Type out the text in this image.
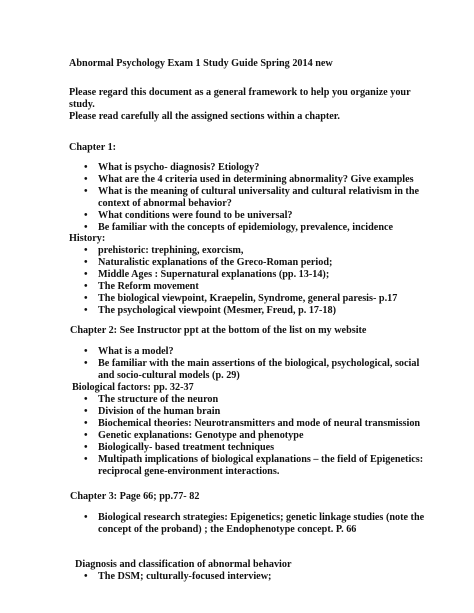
Abnormal Psychology Exam 1 Study Guide Spring 2014 new
Please regard this document as a general framework to help you organize your
study.
Please read carefully all the assigned sections within a chapter.
Chapter 1:
• What is psycho- diagnosis? Etiology?
• What are the 4 criteria used in determining abnormality? Give examples
• What is the meaning of cultural universality and cultural relativism in the
context of abnormal behavior?
• What conditions were found to be universal?
• Be familiar with the concepts of epidemiology, prevalence, incidence
History:
• prehistoric: trephining, exorcism,
• Naturalistic explanations of the Greco-Roman period;
• Middle Ages : Supernatural explanations (pp. 13-14);
• The Reform movement
• The biological viewpoint, Kraepelin, Syndrome, general paresis- p.17
• The psychological viewpoint (Mesmer, Freud, p. 17-18)
Chapter 2: See Instructor ppt at the bottom of the list on my website
• What is a model?
• Be familiar with the main assertions of the biological, psychological, social
and socio-cultural models (p. 29)
Biological factors: pp. 32-37
• The structure of the neuron
• Division of the human brain
• Biochemical theories: Neurotransmitters and mode of neural transmission
• Genetic explanations: Genotype and phenotype
• Biologically- based treatment techniques
• Multipath implications of biological explanations – the field of Epigenetics:
reciprocal gene-environment interactions.
Chapter 3: Page 66; pp.77- 82
• Biological research strategies: Epigenetics; genetic linkage studies (note the
concept of the proband) ; the Endophenotype concept. P. 66
Diagnosis and classification of abnormal behavior
• The DSM; culturally-focused interview;
